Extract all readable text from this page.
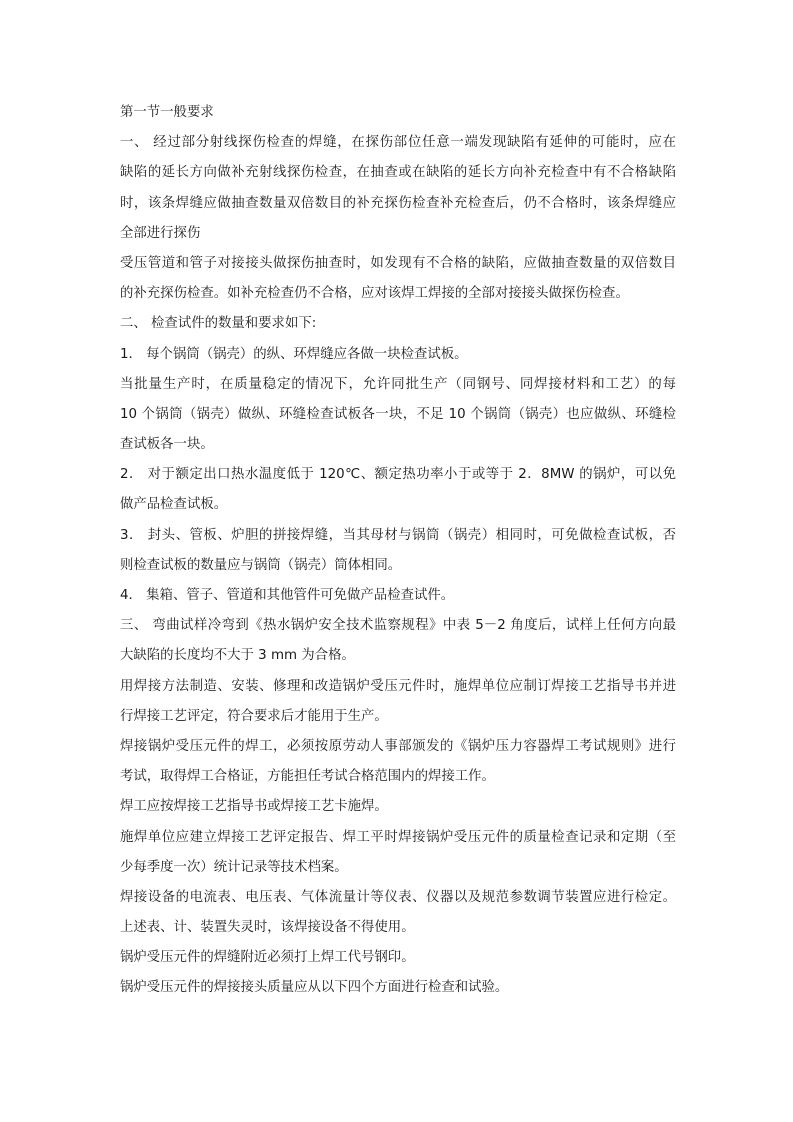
第一节一般要求
一、 经过部分射线探伤检查的焊缝，在探伤部位任意一端发现缺陷有延伸的可能时，应在
缺陷的延长方向做补充射线探伤检查，在抽查或在缺陷的延长方向补充检查中有不合格缺陷
时，该条焊缝应做抽查数量双倍数目的补充探伤检查补充检查后，仍不合格时，该条焊缝应
全部进行探伤
受压管道和管子对接接头做探伤抽查时，如发现有不合格的缺陷，应做抽查数量的双倍数目
的补充探伤检查。如补充检查仍不合格，应对该焊工焊接的全部对接接头做探伤检查。
二、 检查试件的数量和要求如下:
1． 每个锅筒（锅壳）的纵、环焊缝应各做一块检查试板。
当批量生产时，在质量稳定的情况下，允许同批生产（同钢号、同焊接材料和工艺）的每
10 个锅筒（锅壳）做纵、环缝检查试板各一块，不足 10 个锅筒（锅壳）也应做纵、环缝检
查试板各一块。
2． 对于额定出口热水温度低于 120℃、额定热功率小于或等于 2．8MW 的锅炉，可以免
做产品检查试板。
3． 封头、管板、炉胆的拼接焊缝，当其母材与锅筒（锅壳）相同时，可免做检查试板，否
则检查试板的数量应与锅筒（锅壳）筒体相同。
4． 集箱、管子、管道和其他管件可免做产品检查试件。
三、 弯曲试样冷弯到《热水锅炉安全技术监察规程》中表 5－2 角度后，试样上任何方向最
大缺陷的长度均不大于 3 mm 为合格。
用焊接方法制造、安装、修理和改造锅炉受压元件时，施焊单位应制订焊接工艺指导书并进
行焊接工艺评定，符合要求后才能用于生产。
焊接锅炉受压元件的焊工，必须按原劳动人事部颁发的《锅炉压力容器焊工考试规则》进行
考试，取得焊工合格证，方能担任考试合格范围内的焊接工作。
焊工应按焊接工艺指导书或焊接工艺卡施焊。
施焊单位应建立焊接工艺评定报告、焊工平时焊接锅炉受压元件的质量检查记录和定期（至
少每季度一次）统计记录等技术档案。
焊接设备的电流表、电压表、气体流量计等仪表、仪器以及规范参数调节装置应进行检定。
上述表、计、装置失灵时，该焊接设备不得使用。
锅炉受压元件的焊缝附近必须打上焊工代号钢印。
锅炉受压元件的焊接接头质量应从以下四个方面进行检查和试验。
